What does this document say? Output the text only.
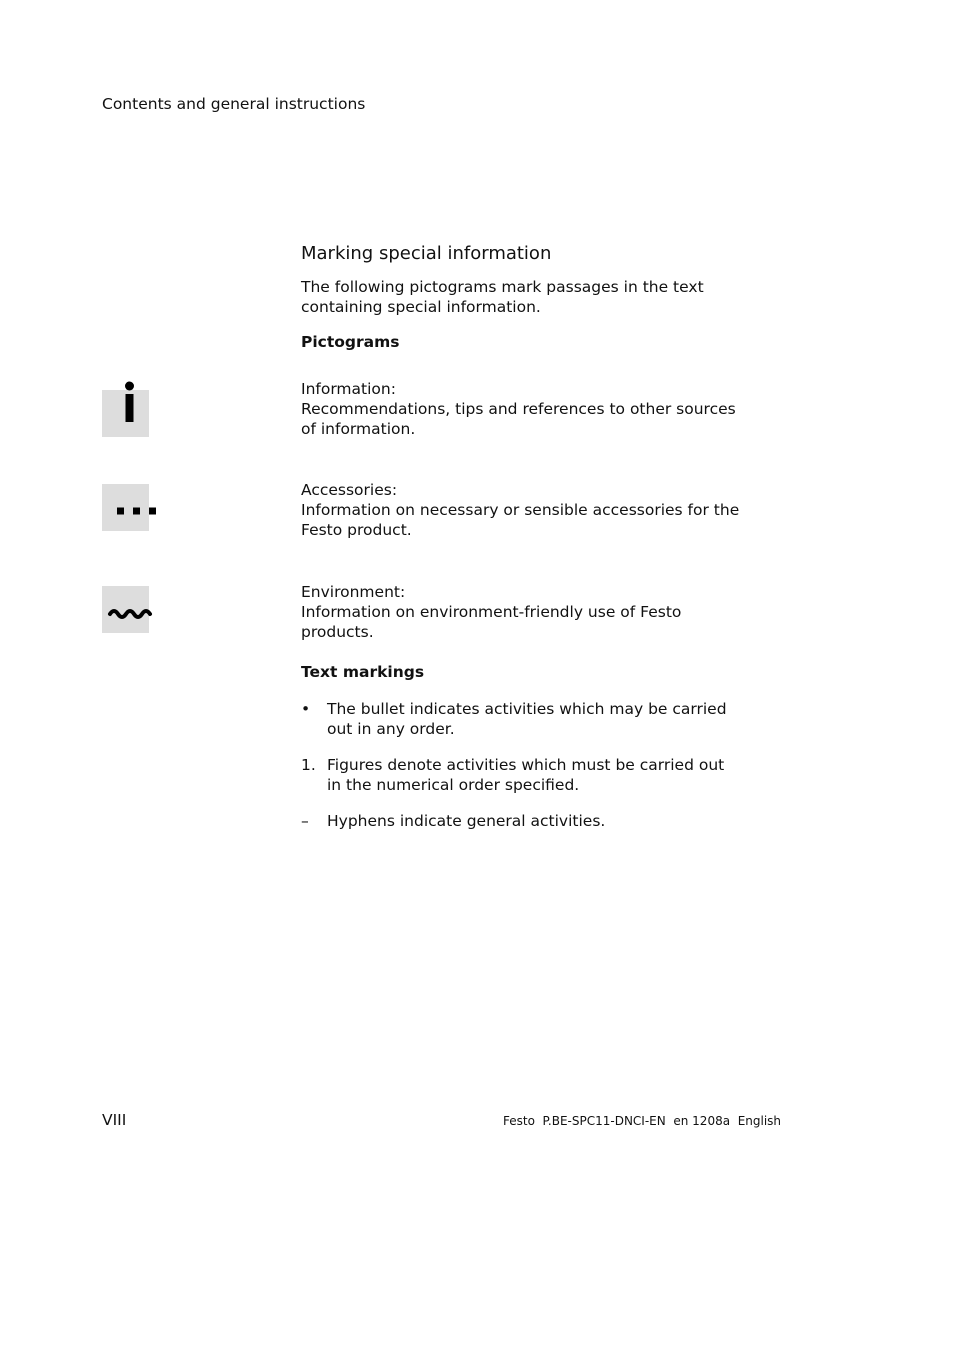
Contents and general instructions
Marking special information
The following pictograms mark passages in the text containing special information.
Pictograms
Information:
Recommendations, tips and references to other sources of information.
Accessories:
Information on necessary or sensible accessories for the Festo product.
Environment:
Information on environment-friendly use of Festo products.
Text markings
•	The bullet indicates activities which may be carried out in any order.
1. Figures denote activities which must be carried out in the numerical order specified.
–	Hyphens indicate general activities.
VIII	Festo  P.BE-SPC11-DNCI-EN  en 1208a  English
